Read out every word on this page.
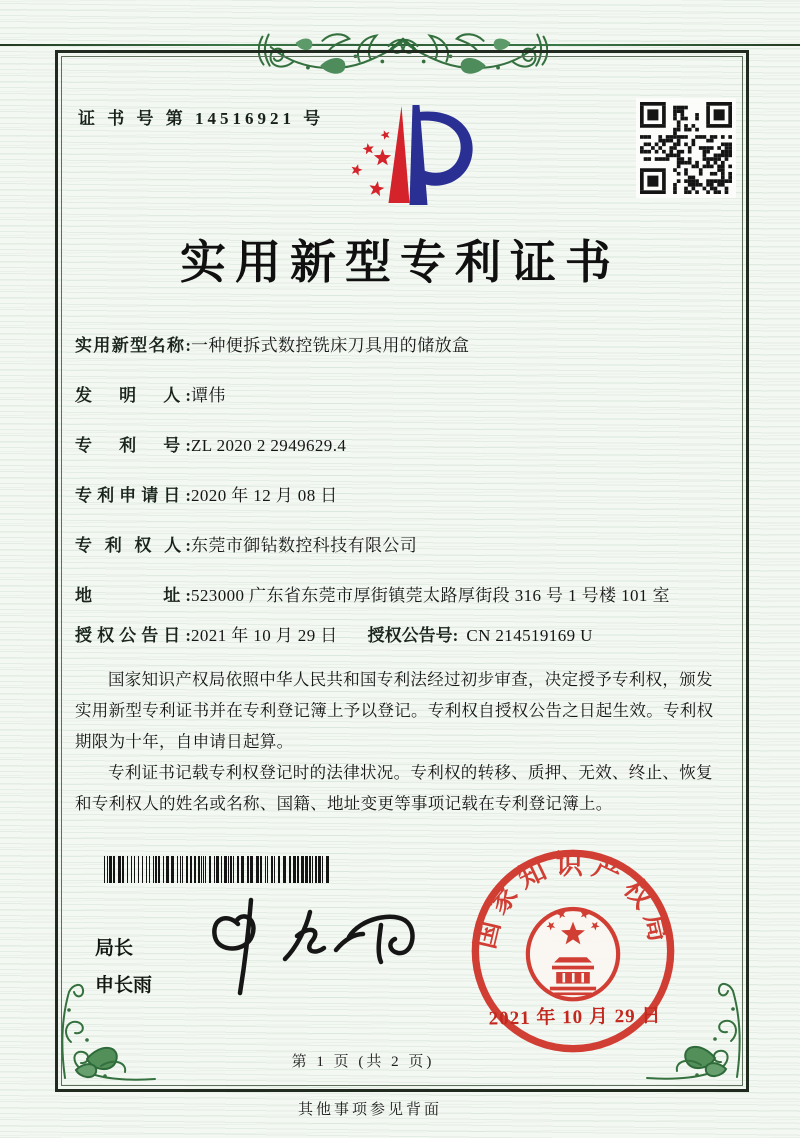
证 书 号 第 14516921 号
实用新型专利证书
实用新型名称: 一种便拆式数控铣床刀具用的储放盒
发　明　人: 谭伟
专　利　号: ZL 2020 2 2949629.4
专利申请日: 2020 年 12 月 08 日
专 利 权 人: 东莞市御钻数控科技有限公司
地　　　址: 523000 广东省东莞市厚街镇莞太路厚街段 316 号 1 号楼 101 室
授权公告日: 2021 年 10 月 29 日 授权公告号: CN 214519169 U

国家知识产权局依照中华人民共和国专利法经过初步审查，决定授予专利权，颁发实用新型专利证书并在专利登记簿上予以登记。专利权自授权公告之日起生效。专利权期限为十年，自申请日起算。

专利证书记载专利权登记时的法律状况。专利权的转移、质押、无效、终止、恢复和专利权人的姓名或名称、国籍、地址变更等事项记载在专利登记簿上。

局长
申长雨
国家知识产权局
2021 年 10 月 29 日
第 1 页 (共 2 页)
其他事项参见背面
